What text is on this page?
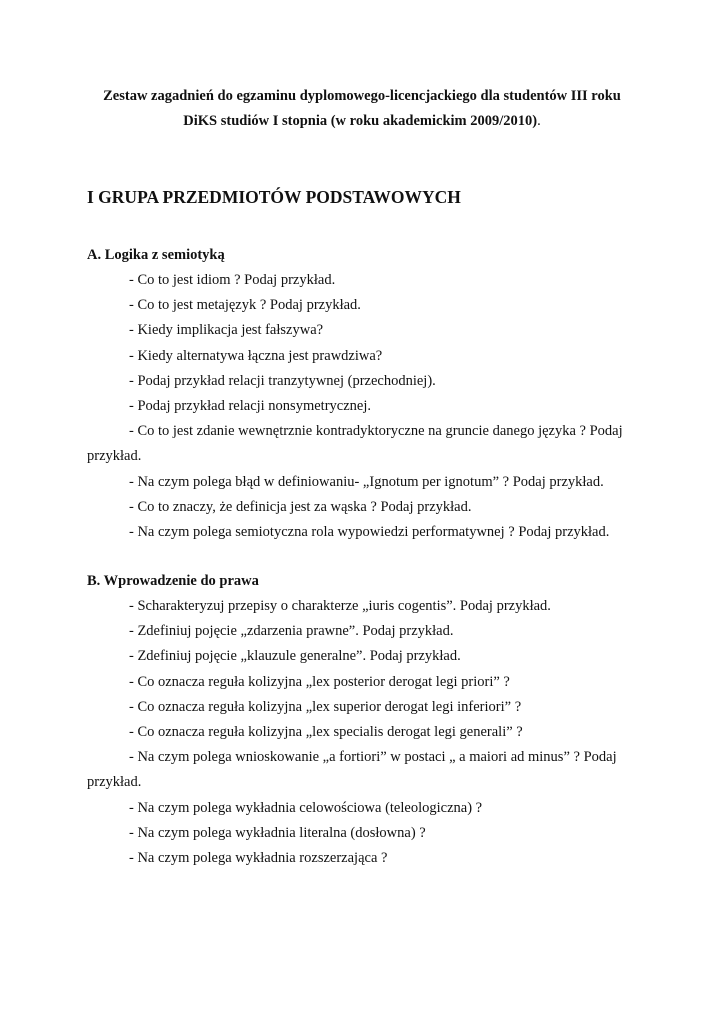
Zestaw zagadnień do egzaminu dyplomowego-licencjackiego dla studentów III roku
DiKS studiów I stopnia (w roku akademickim 2009/2010).
I GRUPA PRZEDMIOTÓW PODSTAWOWYCH
A. Logika z semiotyką
- Co to jest idiom ? Podaj przykład.
- Co to jest metajęzyk ? Podaj przykład.
- Kiedy implikacja jest fałszywa?
- Kiedy alternatywa łączna jest prawdziwa?
- Podaj przykład relacji tranzytywnej (przechodniej).
- Podaj przykład relacji nonsymetrycznej.
- Co to jest zdanie wewnętrznie kontradyktoryczne na gruncie danego języka ? Podaj
przykład.
- Na czym polega błąd w definiowaniu- „Ignotum per ignotum” ? Podaj przykład.
- Co to znaczy, że definicja jest za wąska ? Podaj przykład.
- Na czym polega semiotyczna rola wypowiedzi performatywnej ? Podaj przykład.
B. Wprowadzenie do prawa
- Scharakteryzuj przepisy o charakterze „iuris cogentis”. Podaj przykład.
- Zdefiniuj pojęcie „zdarzenia prawne”. Podaj przykład.
- Zdefiniuj pojęcie „klauzule generalne”. Podaj przykład.
- Co oznacza reguła kolizyjna „lex posterior derogat legi priori” ?
- Co oznacza reguła kolizyjna „lex superior derogat legi inferiori” ?
- Co oznacza reguła kolizyjna „lex specialis derogat legi generali” ?
- Na czym polega wnioskowanie „a fortiori” w postaci „ a maiori ad minus” ? Podaj
przykład.
- Na czym polega wykładnia celowościowa (teleologiczna) ?
- Na czym polega wykładnia literalna (dosłowna) ?
- Na czym polega wykładnia rozszerzająca ?
